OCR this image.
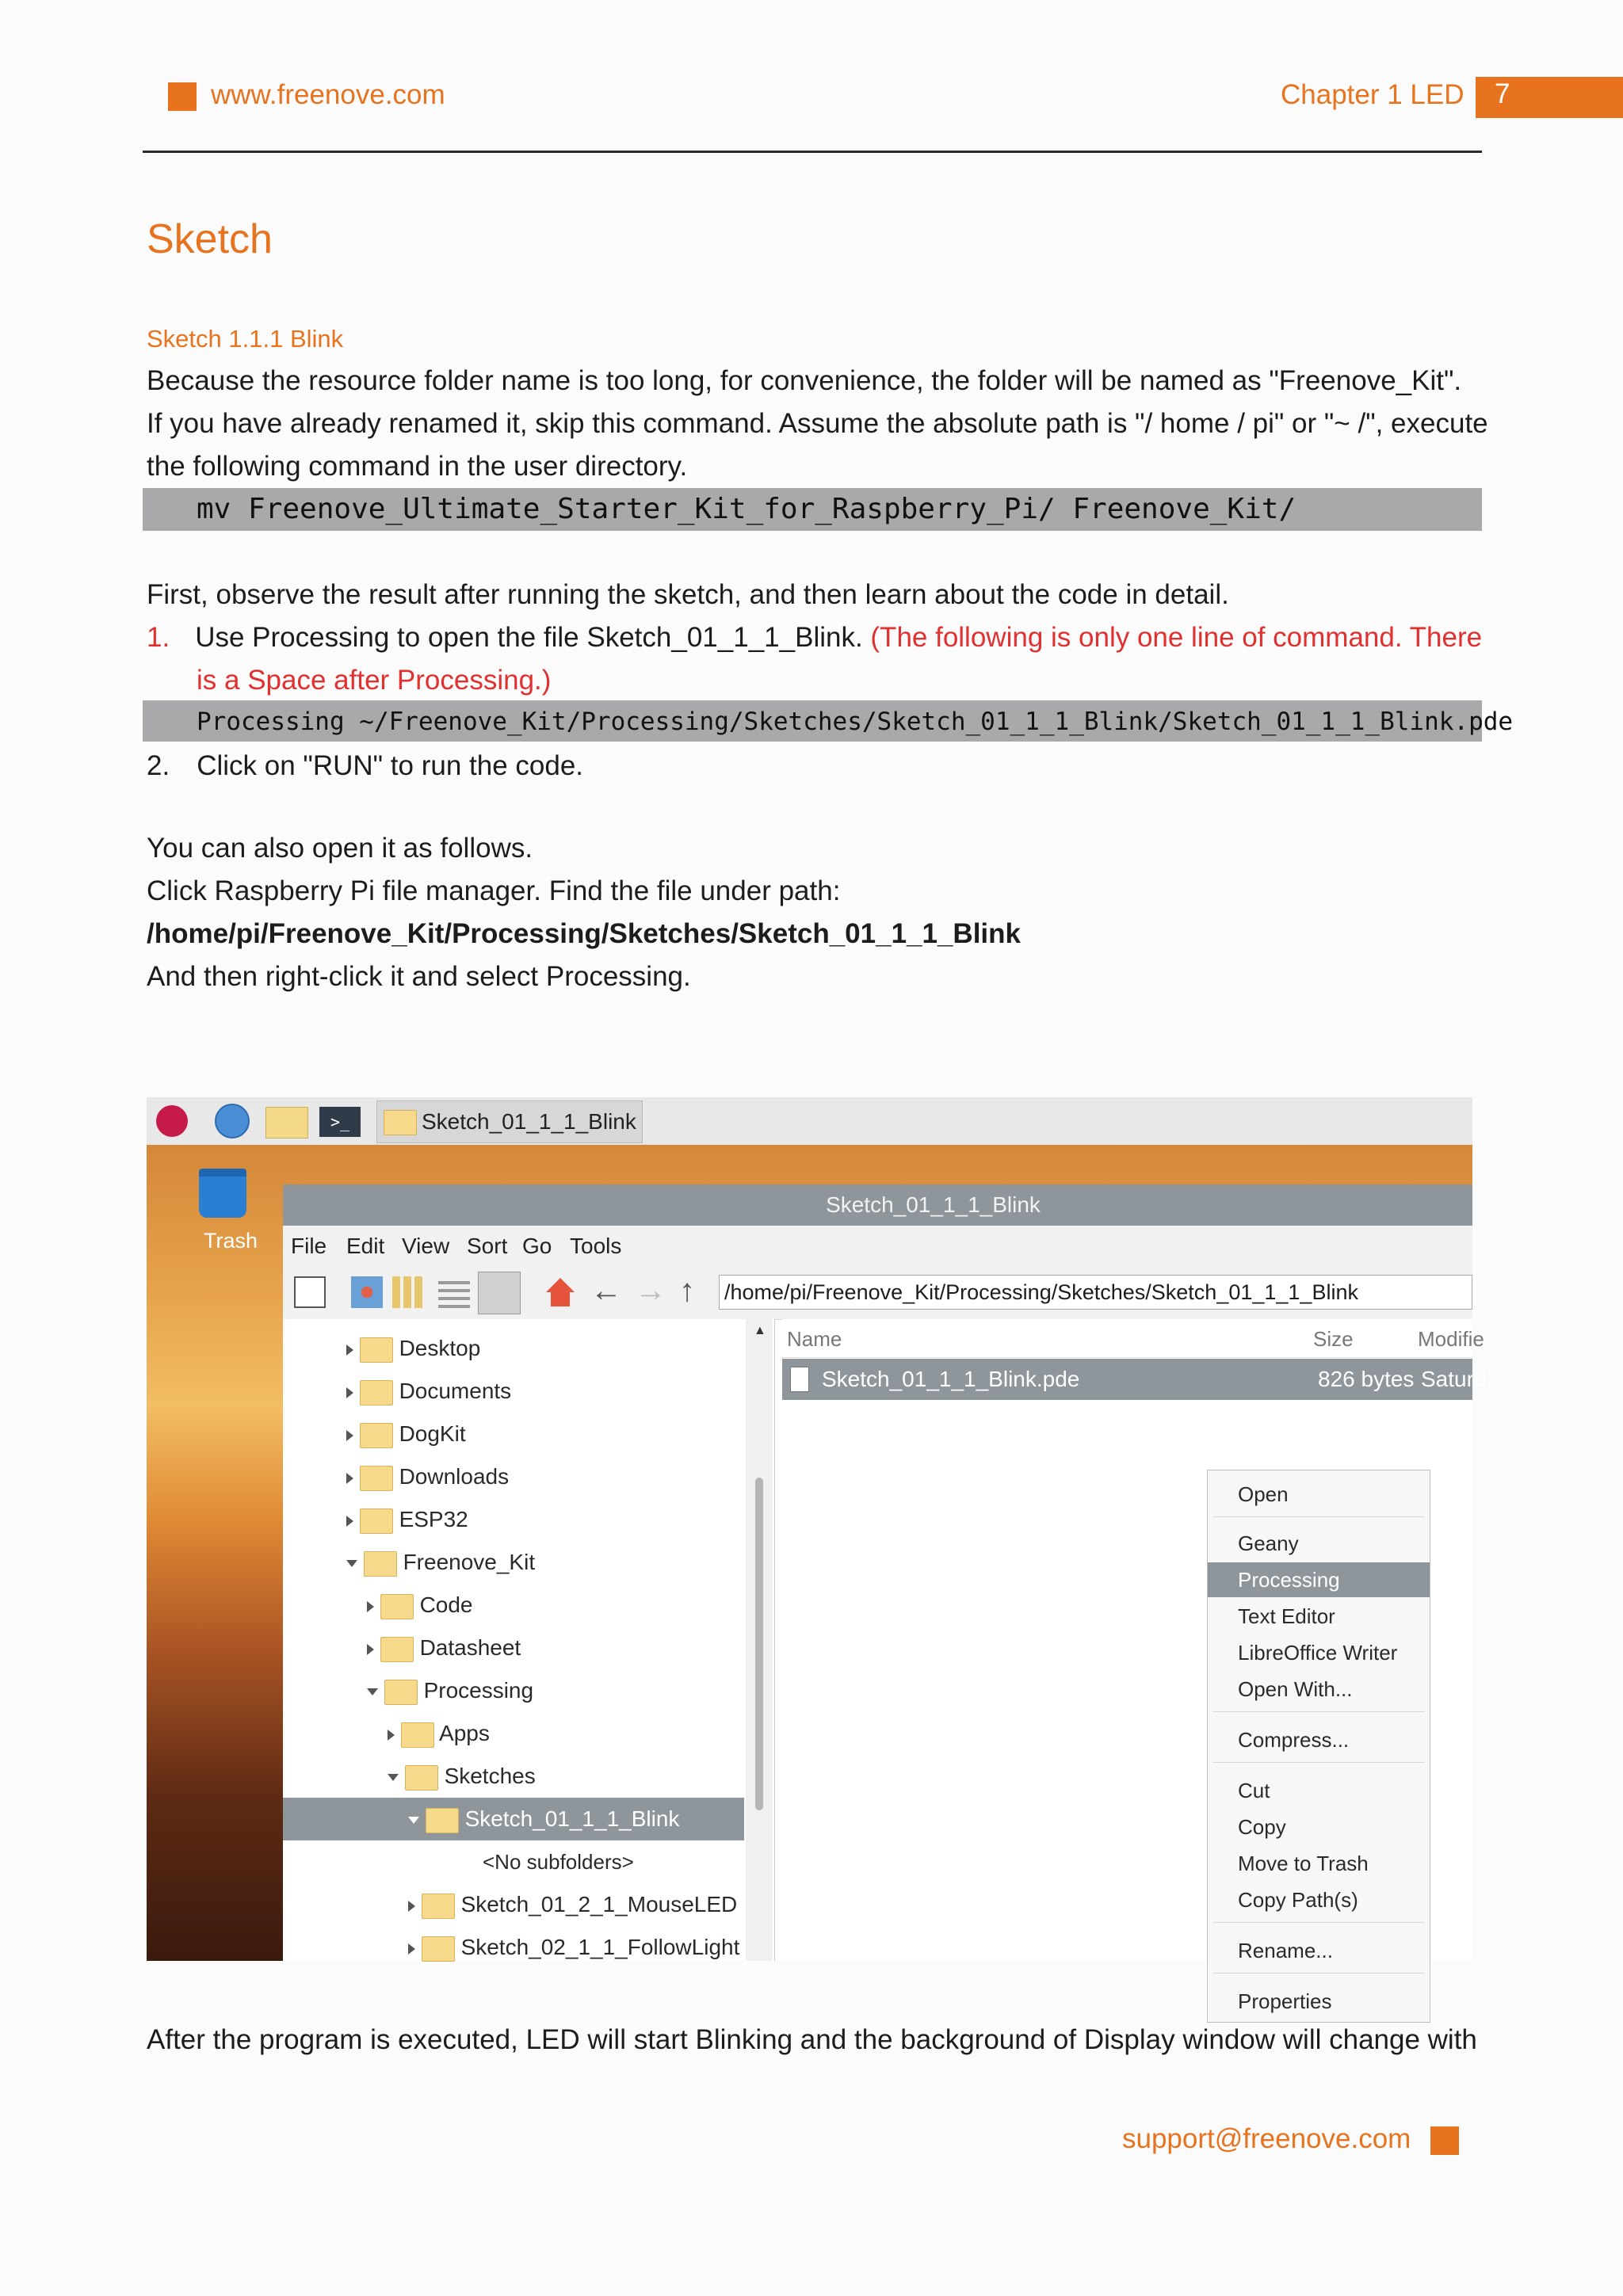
www.freenove.com	Chapter 1 LED 7
Sketch
Sketch 1.1.1 Blink
Because the resource folder name is too long, for convenience, the folder will be named as "Freenove_Kit".
If you have already renamed it, skip this command. Assume the absolute path is "/ home / pi" or "~ /", execute
the following command in the user directory.
mv Freenove_Ultimate_Starter_Kit_for_Raspberry_Pi/ Freenove_Kit/
First, observe the result after running the sketch, and then learn about the code in detail.
1. Use Processing to open the file Sketch_01_1_1_Blink. (The following is only one line of command. There
is a Space after Processing.)
Processing ~/Freenove_Kit/Processing/Sketches/Sketch_01_1_1_Blink/Sketch_01_1_1_Blink.pde
2. Click on "RUN" to run the code.
You can also open it as follows.
Click Raspberry Pi file manager. Find the file under path:
/home/pi/Freenove_Kit/Processing/Sketches/Sketch_01_1_1_Blink
And then right-click it and select Processing.
>_	Sketch_01_1_1_Blink
Trash
Sketch_01_1_1_Blink
File Edit View Sort Go Tools
← → ↑ /home/pi/Freenove_Kit/Processing/Sketches/Sketch_01_1_1_Blink
Desktop
Documents
DogKit
Downloads
ESP32
Freenove_Kit
Code
Datasheet
Processing
Apps
Sketches
Sketch_01_1_1_Blink
<No subfolders>
Sketch_01_2_1_MouseLED
Sketch_02_1_1_FollowLight
▲ Name	Size	Modifie
Sketch_01_1_1_Blink.pde	826 bytes Saturd
Open
Geany
Processing
Text Editor
LibreOffice Writer
Open With...
Compress...
Cut
Copy
Move to Trash
Copy Path(s)
Rename...
Properties
After the program is executed, LED will start Blinking and the background of Display window will change with
support@freenove.com
